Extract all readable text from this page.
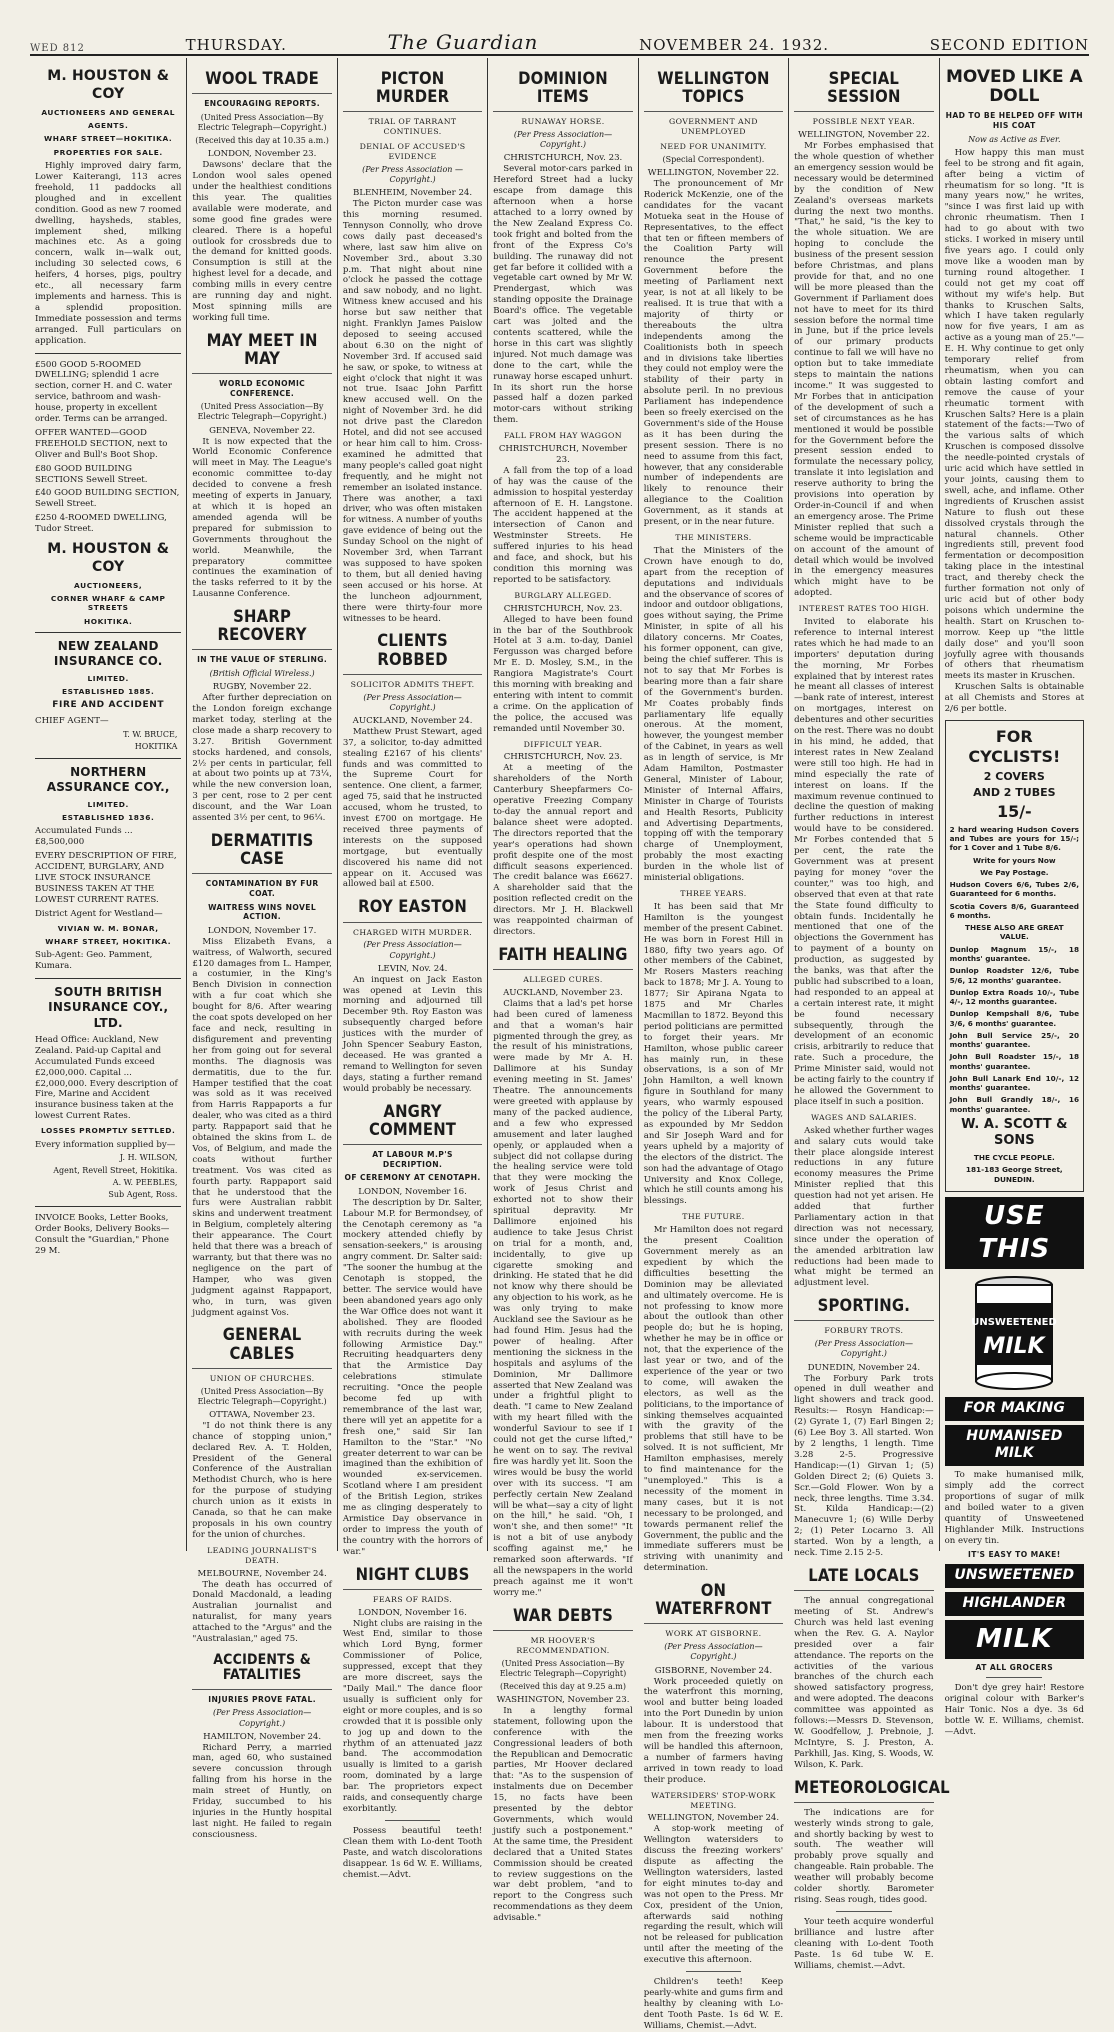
WED 812	THURSDAY.	The Guardian	NOVEMBER 24. 1932.	SECOND EDITION
M. HOUSTON & COY
AUCTIONEERS AND GENERAL
AGENTS.
WHARF STREET—HOKITIKA.
PROPERTIES FOR SALE.

Highly improved dairy farm, Lower Kaiterangi, 113 acres freehold, 11 paddocks all ploughed and in excellent condition. Good as new 7 roomed dwelling, haysheds, stables, implement shed, milking machines etc. As a going concern, walk in—walk out, including 30 selected cows, 6 heifers, 4 horses, pigs, poultry etc., all necessary farm implements and harness. This is a splendid proposition. Immediate possession and terms arranged. Full particulars on application.

£500 GOOD 5-ROOMED DWELLING; splendid 1 acre section, corner H. and C. water service, bathroom and wash-house, property in excellent order. Terms can be arranged.
OFFER WANTED—GOOD FREEHOLD SECTION, next to Oliver and Bull's Boot Shop.
£80 GOOD BUILDING SECTIONS Sewell Street.
£40 GOOD BUILDING SECTION, Sewell Street.
£250 4-ROOMED DWELLING, Tudor Street.
M. HOUSTON & COY
AUCTIONEERS,
CORNER WHARF & CAMP STREETS
HOKITIKA.
NEW ZEALAND INSURANCE CO.
LIMITED.
ESTABLISHED 1885.
FIRE AND ACCIDENT
CHIEF AGENT—
T. W. BRUCE,
HOKITIKA
NORTHERN ASSURANCE COY.,
LIMITED.
ESTABLISHED 1836.
Accumulated Funds ... £8,500,000
EVERY DESCRIPTION OF FIRE, ACCIDENT, BURGLARY, AND LIVE STOCK INSURANCE BUSINESS TAKEN AT THE LOWEST CURRENT RATES.
District Agent for Westland—
VIVIAN W. M. BONAR,
WHARF STREET, HOKITIKA.
Sub-Agent: Geo. Pamment, Kumara.
SOUTH BRITISH INSURANCE COY., LTD.
Head Office: Auckland, New Zealand. Paid-up Capital and Accumulated Funds exceed £2,000,000. Capital ... £2,000,000. Every description of Fire, Marine and Accident insurance business taken at the lowest Current Rates.
LOSSES PROMPTLY SETTLED.
Every information supplied by—
J. H. WILSON,
Agent, Revell Street, Hokitika.
A. W. PEEBLES,
Sub Agent, Ross.
INVOICE Books, Letter Books, Order Books, Delivery Books—Consult the "Guardian," Phone 29 M.
WOOL TRADE
ENCOURAGING REPORTS.
(United Press Association—By Electric Telegraph—Copyright.)
(Received this day at 10.35 a.m.)

LONDON, November 23.

Dawsons' declare that the London wool sales opened under the healthiest conditions this year. The qualities available were moderate, and some good fine grades were cleared. There is a hopeful outlook for crossbreds due to the demand for knitted goods. Consumption is still at the highest level for a decade, and combing mills in every centre are running day and night. Most spinning mills are working full time.

MAY MEET IN MAY
WORLD ECONOMIC CONFERENCE.
(United Press Association—By Electric Telegraph—Copyright.)

GENEVA, November 22.

It is now expected that the World Economic Conference will meet in May. The League's economic committee to-day decided to convene a fresh meeting of experts in January, at which it is hoped an amended agenda will be prepared for submission to Governments throughout the world. Meanwhile, the preparatory committee continues the examination of the tasks referred to it by the Lausanne Conference.

SHARP RECOVERY
IN THE VALUE OF STERLING.
(British Official Wireless.)

RUGBY, November 22.

After further depreciation on the London foreign exchange market today, sterling at the close made a sharp recovery to 3.27. British Government stocks hardened, and consols, 2½ per cents in particular, fell at about two points up at 73¼, while the new conversion loan, 3 per cent, rose to 2 per cent discount, and the War Loan assented 3½ per cent, to 96¼.

DERMATITIS CASE
CONTAMINATION BY FUR COAT.
WAITRESS WINS NOVEL ACTION.

LONDON, November 17.

Miss Elizabeth Evans, a waitress, of Walworth, secured £120 damages from L. Hamper, a costumier, in the King's Bench Division in connection with a fur coat which she bought for 8/6. After wearing the coat spots developed on her face and neck, resulting in disfigurement and preventing her from going out for several months. The diagnosis was dermatitis, due to the fur. Hamper testified that the coat was sold as it was received from Harris Rappaports a fur dealer, who was cited as a third party. Rappaport said that he obtained the skins from L. de Vos, of Belgium, and made the coats without further treatment. Vos was cited as fourth party. Rappaport said that he understood that the furs were Australian rabbit skins and underwent treatment in Belgium, completely altering their appearance. The Court held that there was a breach of warranty, but that there was no negligence on the part of Hamper, who was given judgment against Rappaport, who, in turn, was given judgment against Vos.

GENERAL CABLES
UNION OF CHURCHES.
(United Press Association—By Electric Telegraph—Copyright.)

OTTAWA, November 23.

"I do not think there is any chance of stopping union," declared Rev. A. T. Holden, President of the General Conference of the Australian Methodist Church, who is here for the purpose of studying church union as it exists in Canada, so that he can make proposals in his own country for the union of churches.

LEADING JOURNALIST'S DEATH.

MELBOURNE, November 24.

The death has occurred of Donald Macdonald, a leading Australian journalist and naturalist, for many years attached to the "Argus" and the "Australasian," aged 75.

ACCIDENTS & FATALITIES
INJURIES PROVE FATAL.
(Per Press Association—Copyright.)

HAMILTON, November 24.

Richard Perry, a married man, aged 60, who sustained severe concussion through falling from his horse in the main street of Huntly, on Friday, succumbed to his injuries in the Huntly hospital last night. He failed to regain consciousness.

PICTON MURDER
TRIAL OF TARRANT CONTINUES.
DENIAL OF ACCUSED'S EVIDENCE
(Per Press Association — Copyright.)

BLENHEIM, November 24.

The Picton murder case was this morning resumed. Tennyson Connolly, who drove cows daily past deceased's where, last saw him alive on November 3rd., about 3.30 p.m. That night about nine o'clock he passed the cottage and saw nobody, and no light. Witness knew accused and his horse but saw neither that night. Franklyn James Paislow deposed to seeing accused about 6.30 on the night of November 3rd. If accused said he saw, or spoke, to witness at eight o'clock that night it was not true. Isaac John Parfitt knew accused well. On the night of November 3rd. he did not drive past the Claredon Hotel, and did not see accused or hear him call to him. Cross-examined he admitted that many people's called goat night frequently, and he might not remember an isolated instance. There was another, a taxi driver, who was often mistaken for witness. A number of youths gave evidence of being out the Sunday School on the night of November 3rd, when Tarrant was supposed to have spoken to them, but all denied having seen accused or his horse. At the luncheon adjournment, there were thirty-four more witnesses to be heard.

CLIENTS ROBBED
SOLICITOR ADMITS THEFT.
(Per Press Association— Copyright.)

AUCKLAND, November 24.

Matthew Prust Stewart, aged 37, a solicitor, to-day admitted stealing £2167 of his clients' funds and was committed to the Supreme Court for sentence. One client, a farmer, aged 75, said that he instructed accused, whom he trusted, to invest £700 on mortgage. He received three payments of interests on the supposed mortgage, but eventually discovered his name did not appear on it. Accused was allowed bail at £500.

ROY EASTON
CHARGED WITH MURDER.
(Per Press Association— Copyright.)

LEVIN, Nov. 24.

An inquest on Jack Easton was opened at Levin this morning and adjourned till December 9th. Roy Easton was subsequently charged before justices with the murder of John Spencer Seabury Easton, deceased. He was granted a remand to Wellington for seven days, stating a further remand would probably be necessary.

ANGRY COMMENT
AT LABOUR M.P'S DECRIPTION.
OF CEREMONY AT CENOTAPH.

LONDON, November 16.

The description by Dr. Salter, Labour M.P. for Bermondsey, of the Cenotaph ceremony as "a mockery attended chiefly by sensation-seekers," is arousing angry comment. Dr. Salter said: "The sooner the humbug at the Cenotaph is stopped, the better. The service would have been abandoned years ago only the War Office does not want it abolished. They are flooded with recruits during the week following Armistice Day." Recruiting headquarters deny that the Armistice Day celebrations stimulate recruiting. "Once the people become fed up with remembrance of the last war, there will yet an appetite for a fresh one," said Sir Ian Hamilton to the "Star." "No greater deterrent to war can be imagined than the exhibition of wounded ex-servicemen. Scotland where I am president of the British Legion, strikes me as clinging desperately to Armistice Day observance in order to impress the youth of the country with the horrors of war."

NIGHT CLUBS
FEARS OF RAIDS.

LONDON, November 16.

Night clubs are raising in the West End, similar to those which Lord Byng, former Commissioner of Police, suppressed, except that they are more discreet, says the "Daily Mail." The dance floor usually is sufficient only for eight or more couples, and is so crowded that it is possible only to jog up and down to the rhythm of an attenuated jazz band. The accommodation usually is limited to a garish room, dominated by a large bar. The proprietors expect raids, and consequently charge exorbitantly.

Possess beautiful teeth! Clean them with Lo-dent Tooth Paste, and watch discolorations disappear. 1s 6d W. E. Williams, chemist.—Advt.

DOMINION ITEMS
RUNAWAY HORSE.
(Per Press Association— Copyright.)

CHRISTCHURCH, Nov. 23.

Several motor-cars parked in Hereford Street had a lucky escape from damage this afternoon when a horse attached to a lorry owned by the New Zealand Express Co. took fright and bolted from the front of the Express Co's building. The runaway did not get far before it collided with a vegetable cart owned by Mr W. Prendergast, which was standing opposite the Drainage Board's office. The vegetable cart was jolted and the contents scattered, while the horse in this cart was slightly injured. Not much damage was done to the cart, while the runaway horse escaped unhurt. In its short run the horse passed half a dozen parked motor-cars without striking them.

FALL FROM HAY WAGGON

CHRISTCHURCH, November 23.

A fall from the top of a load of hay was the cause of the admission to hospital yesterday afternoon of E. H. Langstone. The accident happened at the intersection of Canon and Westminster Streets. He suffered injuries to his head and face, and shock, but his condition this morning was reported to be satisfactory.

BURGLARY ALLEGED.

CHRISTCHURCH, Nov. 23.

Alleged to have been found in the bar of the Southbrook Hotel at 3 a.m. to-day, Daniel Fergusson was charged before Mr E. D. Mosley, S.M., in the Rangiora Magistrate's Court this morning with breaking and entering with intent to commit a crime. On the application of the police, the accused was remanded until November 30.

DIFFICULT YEAR.

CHRISTCHURCH, Nov. 23.

At a meeting of the shareholders of the North Canterbury Sheepfarmers Co-operative Freezing Company to-day the annual report and balance sheet were adopted. The directors reported that the year's operations had shown profit despite one of the most difficult seasons experienced. The credit balance was £6627. A shareholder said that the position reflected credit on the directors. Mr J. H. Blackwell was reappointed chairman of directors.

FAITH HEALING
ALLEGED CURES.

AUCKLAND, November 23.

Claims that a lad's pet horse had been cured of lameness and that a woman's hair pigmented through the grey, as the result of his ministrations, were made by Mr A. H. Dallimore at his Sunday evening meeting in St. James' Theatre. The announcements were greeted with applause by many of the packed audience, and a few who expressed amusement and later laughed openly, or applauded when a subject did not collapse during the healing service were told that they were mocking the work of Jesus Christ and exhorted not to show their spiritual depravity. Mr Dallimore enjoined his audience to take Jesus Christ on trial for a month, and, incidentally, to give up cigarette smoking and drinking. He stated that he did not know why there should be any objection to his work, as he was only trying to make Auckland see the Saviour as he had found Him. Jesus had the power of healing. After mentioning the sickness in the hospitals and asylums of the Dominion, Mr Dallimore asserted that New Zealand was under a frightful plight to death. "I came to New Zealand with my heart filled with the wonderful Saviour to see if I could not get the curse lifted," he went on to say. The revival fire was hardly yet lit. Soon the wires would be busy the world over with its success. "I am perfectly certain New Zealand will be what—say a city of light on the hill," he said. "Oh, I won't she, and then some!" "It is not a bit of use anybody scoffing against me," he remarked soon afterwards. "If all the newspapers in the world preach against me it won't worry me."

WAR DEBTS
MR HOOVER'S RECOMMENDATION.
(United Press Association—By Electric Telegraph—Copyright)
(Received this day at 9.25 a.m)

WASHINGTON, November 23.

In a lengthy formal statement, following upon the conference with the Congressional leaders of both the Republican and Democratic parties, Mr Hoover declared that: "As to the suspension of instalments due on December 15, no facts have been presented by the debtor Governments, which would justify such a postponement." At the same time, the President declared that a United States Commission should be created to review suggestions on the war debt problem, "and to report to the Congress such recommendations as they deem advisable."

WELLINGTON TOPICS
GOVERNMENT AND UNEMPLOYED
NEED FOR UNANIMITY.
(Special Correspondent).

WELLINGTON, November 22.

The pronouncement of Mr Roderick McKenzie, one of the candidates for the vacant Motueka seat in the House of Representatives, to the effect that ten or fifteen members of the Coalition Party will renounce the present Government before the meeting of Parliament next year, is not at all likely to be realised. It is true that with a majority of thirty or thereabouts the ultra independents among the Coalitionists both in speech and in divisions take liberties they could not employ were the stability of their party in absolute peril. In no previous Parliament has independence been so freely exercised on the Government's side of the House as it has been during the present session. There is no need to assume from this fact, however, that any considerable number of independents are likely to renounce their allegiance to the Coalition Government, as it stands at present, or in the near future.

THE MINISTERS.

That the Ministers of the Crown have enough to do, apart from the reception of deputations and individuals and the observance of scores of indoor and outdoor obligations, goes without saying, the Prime Minister, in spite of all his dilatory concerns. Mr Coates, his former opponent, can give, being the chief sufferer. This is not to say that Mr Forbes is bearing more than a fair share of the Government's burden. Mr Coates probably finds parliamentary life equally onerous. At the moment, however, the youngest member of the Cabinet, in years as well as in length of service, is Mr Adam Hamilton, Postmaster General, Minister of Labour, Minister of Internal Affairs, Minister in Charge of Tourists and Health Resorts, Publicity and Advertising Departments, topping off with the temporary charge of Unemployment, probably the most exacting burden in the whole list of ministerial obligations.

THREE YEARS.

It has been said that Mr Hamilton is the youngest member of the present Cabinet. He was born in Forest Hill in 1880, fifty two years ago. Of other members of the Cabinet, Mr Rosers Masters reaching back to 1878; Mr J. A. Young to 1877; Sir Apirana Ngata to 1875 and Mr Charles Macmillan to 1872. Beyond this period politicians are permitted to forget their years. Mr Hamilton, whose public career has mainly run, in these observations, is a son of Mr John Hamilton, a well known figure in Southland for many years, who warmly espoused the policy of the Liberal Party, as expounded by Mr Seddon and Sir Joseph Ward and for years upheld by a majority of the electors of the district. The son had the advantage of Otago University and Knox College, which he still counts among his blessings.

THE FUTURE.

Mr Hamilton does not regard the present Coalition Government merely as an expedient by which the difficulties besetting the Dominion may be alleviated and ultimately overcome. He is not professing to know more about the outlook than other people do; but he is hoping, whether he may be in office or not, that the experience of the last year or two, and of the experience of the year or two to come, will awaken the electors, as well as the politicians, to the importance of sinking themselves acquainted with the gravity of the problems that still have to be solved. It is not sufficient, Mr Hamilton emphasises, merely to find maintenance for the "unemployed." This is a necessity of the moment in many cases, but it is not necessary to be prolonged, and towards permanent relief the Government, the public and the immediate sufferers must be striving with unanimity and determination.

ON WATERFRONT
WORK AT GISBORNE.
(Per Press Association— Copyright.)

GISBORNE, November 24.

Work proceeded quietly on the waterfront this morning, wool and butter being loaded into the Port Dunedin by union labour. It is understood that men from the freezing works will be handled this afternoon, a number of farmers having arrived in town ready to load their produce.

WATERSIDERS' STOP-WORK MEETING.

WELLINGTON, November 24.

A stop-work meeting of Wellington watersiders to discuss the freezing workers' dispute as affecting the Wellington watersiders, lasted for eight minutes to-day and was not open to the Press. Mr Cox, president of the Union, afterwards said nothing regarding the result, which will not be released for publication until after the meeting of the executive this afternoon.

Children's teeth! Keep pearly-white and gums firm and healthy by cleaning with Lo-dent Tooth Paste. 1s 6d W. E. Williams, Chemist.—Advt.

SPECIAL SESSION
POSSIBLE NEXT YEAR.

WELLINGTON, November 22.

Mr Forbes emphasised that the whole question of whether an emergency session would be necessary would be determined by the condition of New Zealand's overseas markets during the next two months. "That," he said, "is the key to the whole situation. We are hoping to conclude the business of the present session before Christmas, and plans provide for that, and no one will be more pleased than the Government if Parliament does not have to meet for its third session before the normal time in June, but if the price levels of our primary products continue to fall we will have no option but to take immediate steps to maintain the nations income." It was suggested to Mr Forbes that in anticipation of the development of such a set of circumstances as he has mentioned it would be possible for the Government before the present session ended to formulate the necessary policy, translate it into legislation and reserve authority to bring the provisions into operation by Order-in-Council if and when an emergency arose. The Prime Minister replied that such a scheme would be impracticable on account of the amount of detail which would be involved in the emergency measures which might have to be adopted.

INTEREST RATES TOO HIGH.

Invited to elaborate his reference to internal interest rates which he had made to an importers' deputation during the morning, Mr Forbes explained that by interest rates he meant all classes of interest—bank rate of interest, interest on mortgages, interest on debentures and other securities on the rest. There was no doubt in his mind, he added, that interest rates in New Zealand were still too high. He had in mind especially the rate of interest on loans. If the maximum revenue continued to decline the question of making further reductions in interest would have to be considered. Mr Forbes contended that 5 per cent, the rate the Government was at present paying for money "over the counter," was too high, and observed that even at that rate the State found difficulty to obtain funds. Incidentally he mentioned that one of the objections the Government has to payment of a bounty on production, as suggested by the banks, was that after the public had subscribed to a loan, had responded to an appeal at a certain interest rate, it might be found necessary subsequently, through the development of an economic crisis, arbitrarily to reduce that rate. Such a procedure, the Prime Minister said, would not be acting fairly to the country if he allowed the Government to place itself in such a position.

WAGES AND SALARIES.

Asked whether further wages and salary cuts would take their place alongside interest reductions in any future economy measures the Prime Minister replied that this question had not yet arisen. He added that further Parliamentary action in that direction was not necessary, since under the operation of the amended arbitration law reductions had been made to what might be termed an adjustment level.

SPORTING.
FORBURY TROTS.
(Per Press Association— Copyright.)

DUNEDIN, November 24.

The Forbury Park trots opened in dull weather and light showers and track good. Results:— Rosyn Handicap:—(2) Gyrate 1, (7) Earl Bingen 2; (6) Lee Boy 3. All started. Won by 2 lengths, 1 length. Time 3.28 2-5. Progressive Handicap:—(1) Girvan 1; (5) Golden Direct 2; (6) Quiets 3. Scr.—Gold Flower. Won by a neck, three lengths. Time 3.34. St. Kilda Handicap:—(2) Manecuvre 1; (6) Wille Derby 2; (1) Peter Locarno 3. All started. Won by a length, a neck. Time 2.15 2-5.

LATE LOCALS

The annual congregational meeting of St. Andrew's Church was held last evening when the Rev. G. A. Naylor presided over a fair attendance. The reports on the activities of the various branches of the church each showed satisfactory progress, and were adopted. The deacons committee was appointed as follows:—Messrs D. Stevenson, W. Goodfellow, J. Prebnoie, J. McIntyre, S. J. Preston, A. Parkhill, Jas. King, S. Woods, W. Wilson, K. Park.

METEOROLOGICAL

The indications are for westerly winds strong to gale, and shortly backing by west to south. The weather will probably prove squally and changeable. Rain probable. The weather will probably become colder shortly. Barometer rising. Seas rough, tides good.

Your teeth acquire wonderful brilliance and lustre after cleaning with Lo-dent Tooth Paste. 1s 6d tube W. E. Williams, chemist.—Advt.

MOVED LIKE A DOLL
HAD TO BE HELPED OFF WITH HIS COAT
Now as Active as Ever.

How happy this man must feel to be strong and fit again, after being a victim of rheumatism for so long. "It is many years now," he writes, "since I was first laid up with chronic rheumatism. Then I had to go about with two sticks. I worked in misery until five years ago. I could only move like a wooden man by turning round altogether. I could not get my coat off without my wife's help. But thanks to Kruschen Salts, which I have taken regularly now for five years, I am as active as a young man of 25."—E. H. Why continue to get only temporary relief from rheumatism, when you can obtain lasting comfort and remove the cause of your rheumatic torment with Kruschen Salts? Here is a plain statement of the facts:—Two of the various salts of which Kruschen is composed dissolve the needle-pointed crystals of uric acid which have settled in your joints, causing them to swell, ache, and inflame. Other ingredients of Kruschen assist Nature to flush out these dissolved crystals through the natural channels. Other ingredients still, prevent food fermentation or decomposition taking place in the intestinal tract, and thereby check the further formation not only of uric acid but of other body poisons which undermine the health. Start on Kruschen to-morrow. Keep up "the little daily dose" and you'll soon joyfully agree with thousands of others that rheumatism meets its master in Kruschen.

Kruschen Salts is obtainable at all Chemists and Stores at 2/6 per bottle.

FOR CYCLISTS!
2 COVERS
AND 2 TUBES
15/-
2 hard wearing Hudson Covers and Tubes are yours for 15/-; for 1 Cover and 1 Tube 8/6.
Write for yours Now
We Pay Postage.
Hudson Covers 6/6, Tubes 2/6, Guaranteed for 6 months.
Scotia Covers 8/6, Guaranteed 6 months.
THESE ALSO ARE GREAT VALUE.
Dunlop Magnum 15/-, 18 months' guarantee.
Dunlop Roadster 12/6, Tube 5/6, 12 months' guarantee.
Dunlop Extra Roads 10/-, Tube 4/-, 12 months guarantee.
Dunlop Kempshall 8/6, Tube 3/6, 6 months' guarantee.
John Bull Service 25/-, 20 months' guarantee.
John Bull Roadster 15/-, 18 months' guarantee.
John Bull Lanark End 10/-, 12 months' guarantee.
John Bull Grandly 18/-, 16 months' guarantee.
W. A. SCOTT & SONS
THE CYCLE PEOPLE.
181-183 George Street, DUNEDIN.
USE THIS
UNSWEETENED
MILK
FOR MAKING
HUMANISED MILK

To make humanised milk, simply add the correct proportions of sugar of milk and boiled water to a given quantity of Unsweetened Highlander Milk. Instructions on every tin.

IT'S EASY TO MAKE!
UNSWEETENED
HIGHLANDER
MILK
AT ALL GROCERS

Don't dye grey hair! Restore original colour with Barker's Hair Tonic. Nos a dye. 3s 6d bottle W. E. Williams, chemist.—Advt.
